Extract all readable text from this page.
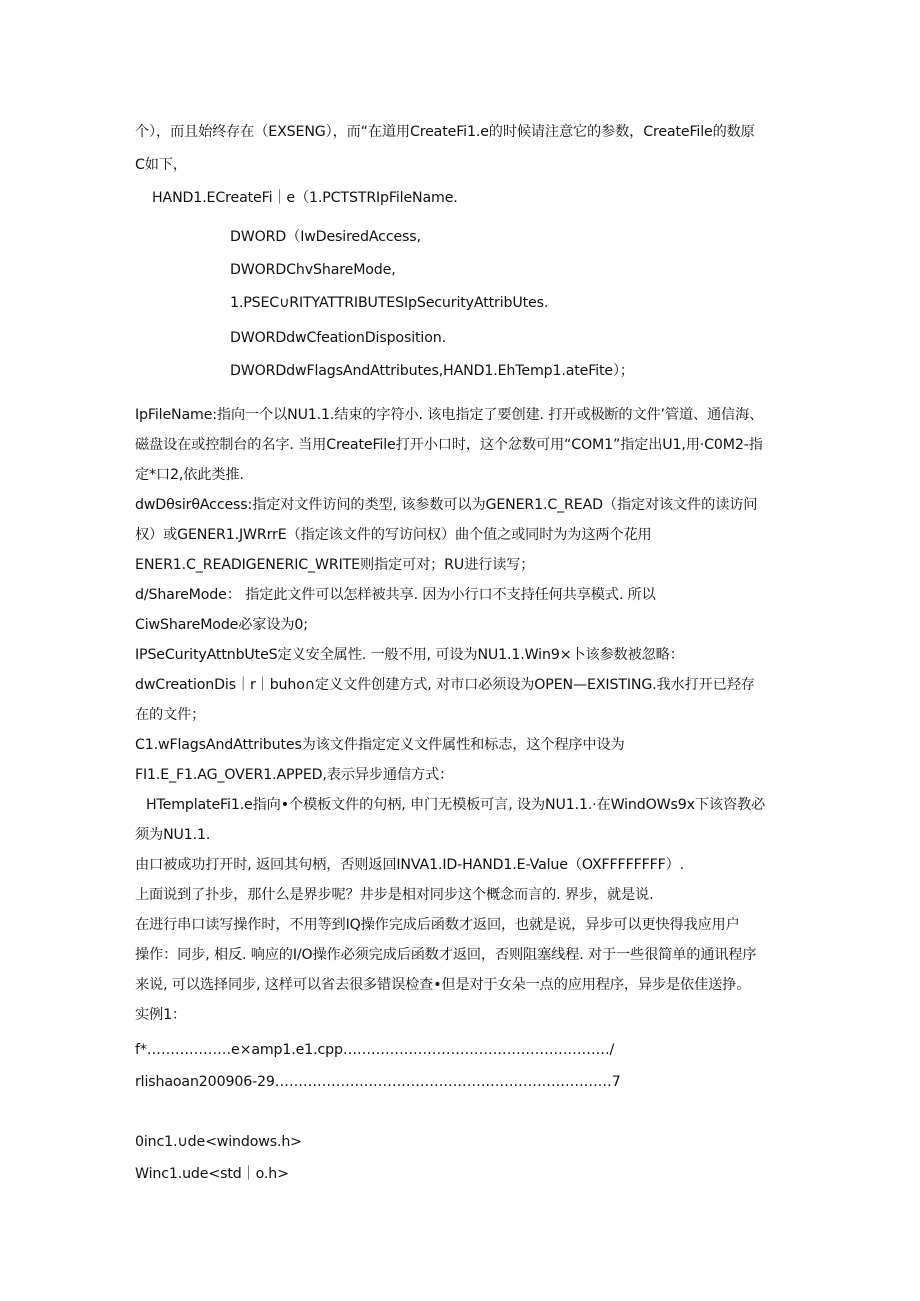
个），而且始终存在（EXSENG），而“在道用CreateFi1.e的时候请注意它的参数，CreateFile的数原
C如下，
HAND1.ECreateFi｜e（1.PCTSTRIpFileName.
DWORD（IwDesiredAccess,
DWORDChvShareMode,
1.PSEC∪RITYATTRIBUTESIpSecurityAttribUtes.
DWORDdwCfeationDisposition.
DWORDdwFlagsAndAttributes,HAND1.EhTemp1.ateFite）；
IpFileName:指向一个以NU1.1.结束的字符小. 该电指定了要创建. 打开或极断的文件’管道、通信海、
磁盘设在或控制台的名字. 当用CreateFile打开小口时，这个忿数可用“COM1”指定出U1,用·C0M2-指
定*口2,依此类推.
dwDθsirθAccess:指定对文件访问的类型, 该参数可以为GENER1.C_READ（指定对该文件的读访问
权）或GENER1.JWRrrE（指定该文件的写访问权）曲个值之或同时为为这两个花用
ENER1.C_READIGENERIC_WRITE则指定可对；RU进行读写；
d/ShareMode： 指定此文件可以怎样被共享. 因为小行口不支持任何共享模式. 所以
CiwShareMode必家设为0;
IPSeCurityAttnbUteS定义安全属性. 一般不用, 可设为NU1.1.Win9×卜该参数被忽略：
dwCreationDis｜r｜buho∩定义文件创建方式, 对市口必须设为OPEN—EXISTING.我水打开已羟存
在的文件；
C1.wFlagsAndAttributes为该文件指定定义文件属性和标志，这个程序中设为
FI1.E_F1.AG_OVER1.APPED,表示异步通信方式：
HTemplateFi1.e指向•个模板文件的句柄, 申门无模板可言, 设为NU1.1.·在WindOWs9x下该咨教必
须为NU1.1.
由口被成功打开时, 返回其句柄，否则返回INVA1.ID-HAND1.E-Value（OXFFFFFFFF）.
上面说到了扑步，那什么是界步呢？井步是相对同步这个概念而言的. 界步，就是说.
在进行串口读写操作时，不用等到IQ操作完成后函数才返回，也就是说，异步可以更快得我应用户
操作：同步, 相反. 响应的I/O操作必须完成后函数才返回，否则阻塞线程. 对于一些很简单的通讯程序
来说, 可以选择同步, 这样可以省去很多错误检查•但是对于女朵一点的应用程序，异步是依佳送挣。
实例1：
f*………………e×amp1.e1.cpp…………………………………………………/
rlishaoan200906-29………………………………………………………………7
0inc1.∪de<windows.h>
Winc1.ude<std｜o.h>
